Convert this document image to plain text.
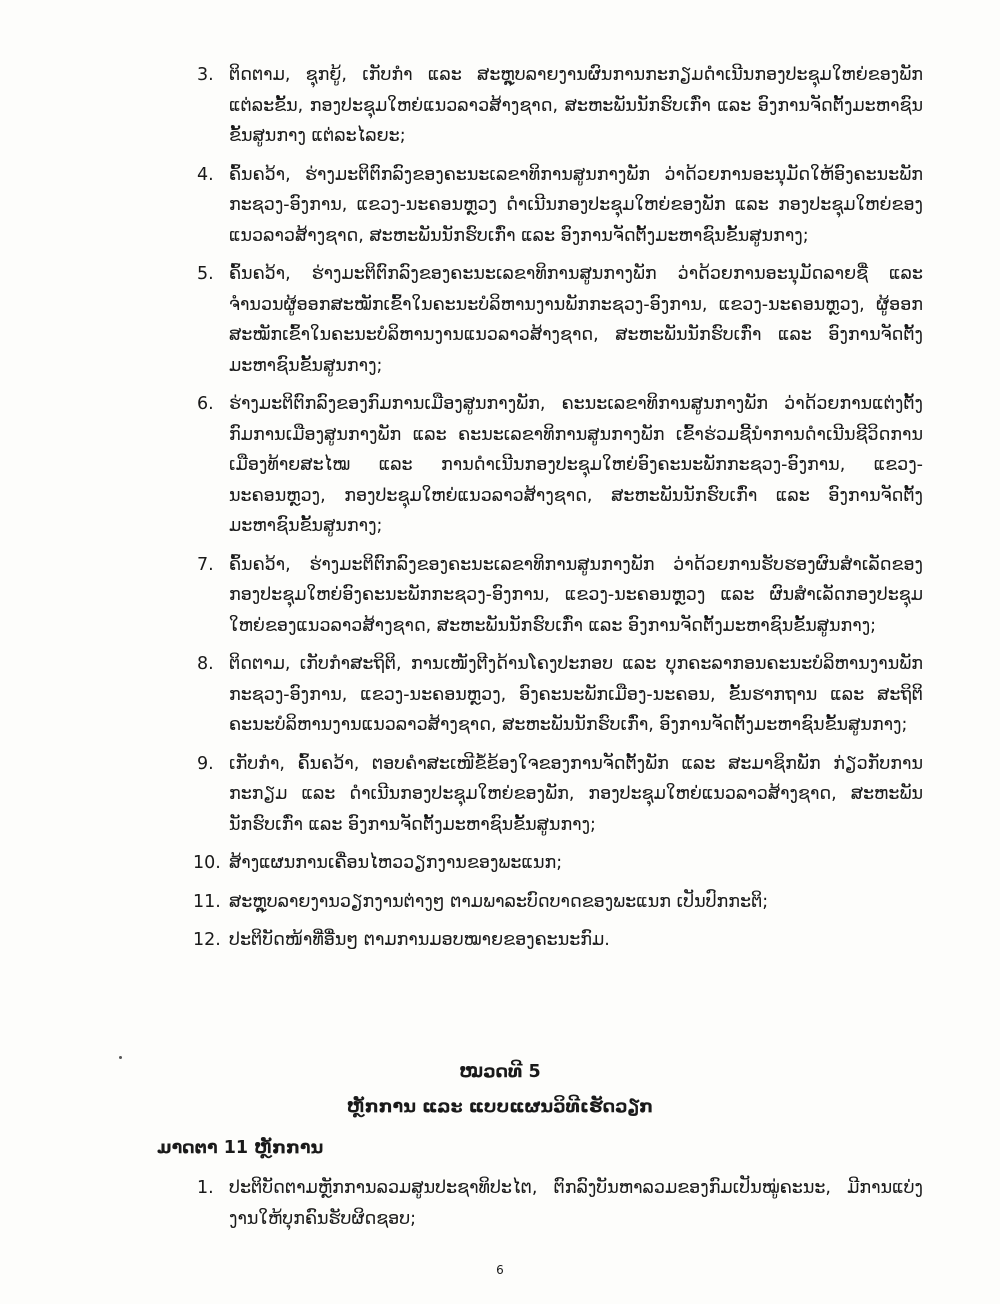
3. ຕິດຕາມ, ຊຸກຍູ້, ເກັບກຳ ແລະ ສະຫຼຸບລາຍງານຜົນການກະກຽມດຳເນີນກອງປະຊຸມໃຫຍ່ຂອງພັກ ແຕ່ລະຂັ້ນ, ກອງປະຊຸມໃຫຍ່ແນວລາວສ້າງຊາດ, ສະຫະພັນນັກຮົບເກົ່າ ແລະ ອົງການຈັດຕັ້ງມະຫາຊົນຂັ້ນສູນກາງ ແຕ່ລະໄລຍະ;
4. ຄົ້ນຄວ້າ, ຮ່າງມະຕິຕົກລົງຂອງຄະນະເລຂາທິການສູນກາງພັກ ວ່າດ້ວຍການອະນຸມັດໃຫ້ອົງຄະນະພັກກະຊວງ-ອົງການ, ແຂວງ-ນະຄອນຫຼວງ ດຳເນີນກອງປະຊຸມໃຫຍ່ຂອງພັກ ແລະ ກອງປະຊຸມໃຫຍ່ຂອງແນວລາວສ້າງຊາດ, ສະຫະພັນນັກຮົບເກົ່າ ແລະ ອົງການຈັດຕັ້ງມະຫາຊົນຂັ້ນສູນກາງ;
5. ຄົ້ນຄວ້າ, ຮ່າງມະຕິຕົກລົງຂອງຄະນະເລຂາທິການສູນກາງພັກ ວ່າດ້ວຍການອະນຸມັດລາຍຊື່ ແລະ ຈຳນວນຜູ້ອອກສະໝັກເຂົ້າໃນຄະນະບໍລິຫານງານພັກກະຊວງ-ອົງການ, ແຂວງ-ນະຄອນຫຼວງ, ຜູ້ອອກສະໝັກເຂົ້າໃນຄະນະບໍລິຫານງານແນວລາວສ້າງຊາດ, ສະຫະພັນນັກຮົບເກົ່າ ແລະ ອົງການຈັດຕັ້ງມະຫາຊົນຂັ້ນສູນກາງ;
6. ຮ່າງມະຕິຕົກລົງຂອງກົມການເມືອງສູນກາງພັກ, ຄະນະເລຂາທິການສູນກາງພັກ ວ່າດ້ວຍການແຕ່ງຕັ້ງກົມການເມືອງສູນກາງພັກ ແລະ ຄະນະເລຂາທິການສູນກາງພັກ ເຂົ້າຮ່ວມຊີ້ນຳການດຳເນີນຊີວິດການເມືອງທ້າຍສະໄໝ ແລະ ການດຳເນີນກອງປະຊຸມໃຫຍ່ອົງຄະນະພັກກະຊວງ-ອົງການ, ແຂວງ-ນະຄອນຫຼວງ, ກອງປະຊຸມໃຫຍ່ແນວລາວສ້າງຊາດ, ສະຫະພັນນັກຮົບເກົ່າ ແລະ ອົງການຈັດຕັ້ງມະຫາຊົນຂັ້ນສູນກາງ;
7. ຄົ້ນຄວ້າ, ຮ່າງມະຕິຕົກລົງຂອງຄະນະເລຂາທິການສູນກາງພັກ ວ່າດ້ວຍການຮັບຮອງຜົນສຳເລັດຂອງກອງປະຊຸມໃຫຍ່ອົງຄະນະພັກກະຊວງ-ອົງການ, ແຂວງ-ນະຄອນຫຼວງ ແລະ ຜົນສຳເລັດກອງປະຊຸມໃຫຍ່ຂອງແນວລາວສ້າງຊາດ, ສະຫະພັນນັກຮົບເກົ່າ ແລະ ອົງການຈັດຕັ້ງມະຫາຊົນຂັ້ນສູນກາງ;
8. ຕິດຕາມ, ເກັບກຳສະຖິຕິ, ການເໜັງຕີງດ້ານໂຄງປະກອບ ແລະ ບຸກຄະລາກອນຄະນະບໍລິຫານງານພັກກະຊວງ-ອົງການ, ແຂວງ-ນະຄອນຫຼວງ, ອົງຄະນະພັກເມືອງ-ນະຄອນ, ຂັ້ນຮາກຖານ ແລະ ສະຖິຕິຄະນະບໍລິຫານງານແນວລາວສ້າງຊາດ, ສະຫະພັນນັກຮົບເກົ່າ, ອົງການຈັດຕັ້ງມະຫາຊົນຂັ້ນສູນກາງ;
9. ເກັບກຳ, ຄົ້ນຄວ້າ, ຕອບຄຳສະເໜີຂໍ້ຂ້ອງໃຈຂອງການຈັດຕັ້ງພັກ ແລະ ສະມາຊິກພັກ ກ່ຽວກັບການກະກຽມ ແລະ ດຳເນີນກອງປະຊຸມໃຫຍ່ຂອງພັກ, ກອງປະຊຸມໃຫຍ່ແນວລາວສ້າງຊາດ, ສະຫະພັນນັກຮົບເກົ່າ ແລະ ອົງການຈັດຕັ້ງມະຫາຊົນຂັ້ນສູນກາງ;
10. ສ້າງແຜນການເຄື່ອນໄຫວວຽກງານຂອງພະແນກ;
11. ສະຫຼຸບລາຍງານວຽກງານຕ່າງໆ ຕາມພາລະບົດບາດຂອງພະແນກ ເປັນປົກກະຕິ;
12. ປະຕິບັດໜ້າທີ່ອື່ນໆ ຕາມການມອບໝາຍຂອງຄະນະກົມ.
ໝວດທີ 5
ຫຼັກການ ແລະ ແບບແຜນວິທີເຮັດວຽກ
ມາດຕາ 11 ຫຼັກການ
1. ປະຕິບັດຕາມຫຼັກການລວມສູນປະຊາທິປະໄຕ, ຕົກລົງບັນຫາລວມຂອງກົມເປັນໝູ່ຄະນະ, ມີການແບ່ງງານໃຫ້ບຸກຄົນຮັບຜິດຊອບ;
6
